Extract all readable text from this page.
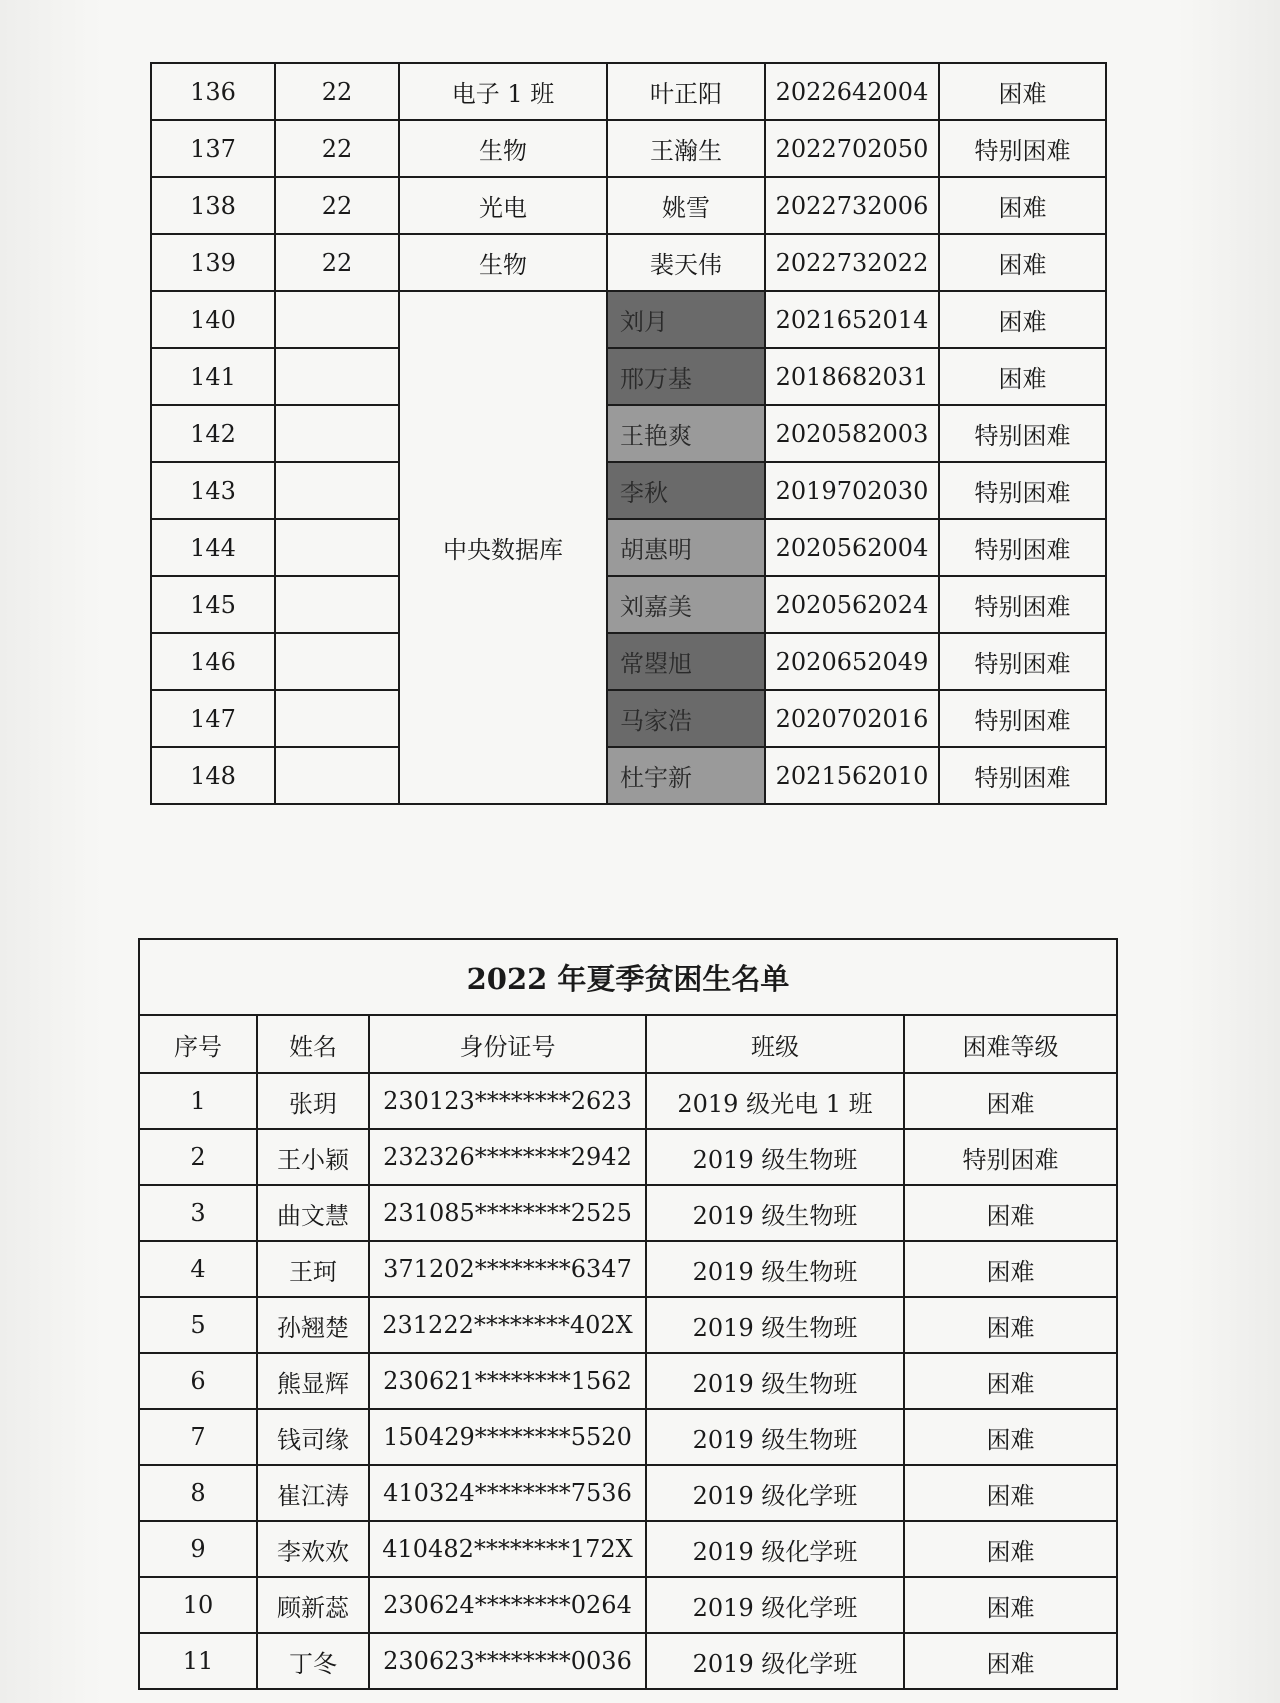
136	22	电子 1 班	叶正阳	2022642004	困难
137	22	生物	王瀚生	2022702050	特别困难
138	22	光电	姚雪	2022732006	困难
139	22	生物	裴天伟	2022732022	困难
140		中央数据库	刘月	2021652014	困难
141			邢万基	2018682031	困难
142			王艳爽	2020582003	特别困难
143			李秋	2019702030	特别困难
144			胡惠明	2020562004	特别困难
145			刘嘉美	2020562024	特别困难
146			常曌旭	2020652049	特别困难
147			马家浩	2020702016	特别困难
148			杜宇新	2021562010	特别困难
2022 年夏季贫困生名单				
序号	姓名	身份证号	班级	困难等级
1	张玥	230123********2623	2019 级光电 1 班	困难
2	王小颖	232326********2942	2019 级生物班	特别困难
3	曲文慧	231085********2525	2019 级生物班	困难
4	王珂	371202********6347	2019 级生物班	困难
5	孙翘楚	231222********402X	2019 级生物班	困难
6	熊显辉	230621********1562	2019 级生物班	困难
7	钱司缘	150429********5520	2019 级生物班	困难
8	崔江涛	410324********7536	2019 级化学班	困难
9	李欢欢	410482********172X	2019 级化学班	困难
10	顾新蕊	230624********0264	2019 级化学班	困难
11	丁冬	230623********0036	2019 级化学班	困难
